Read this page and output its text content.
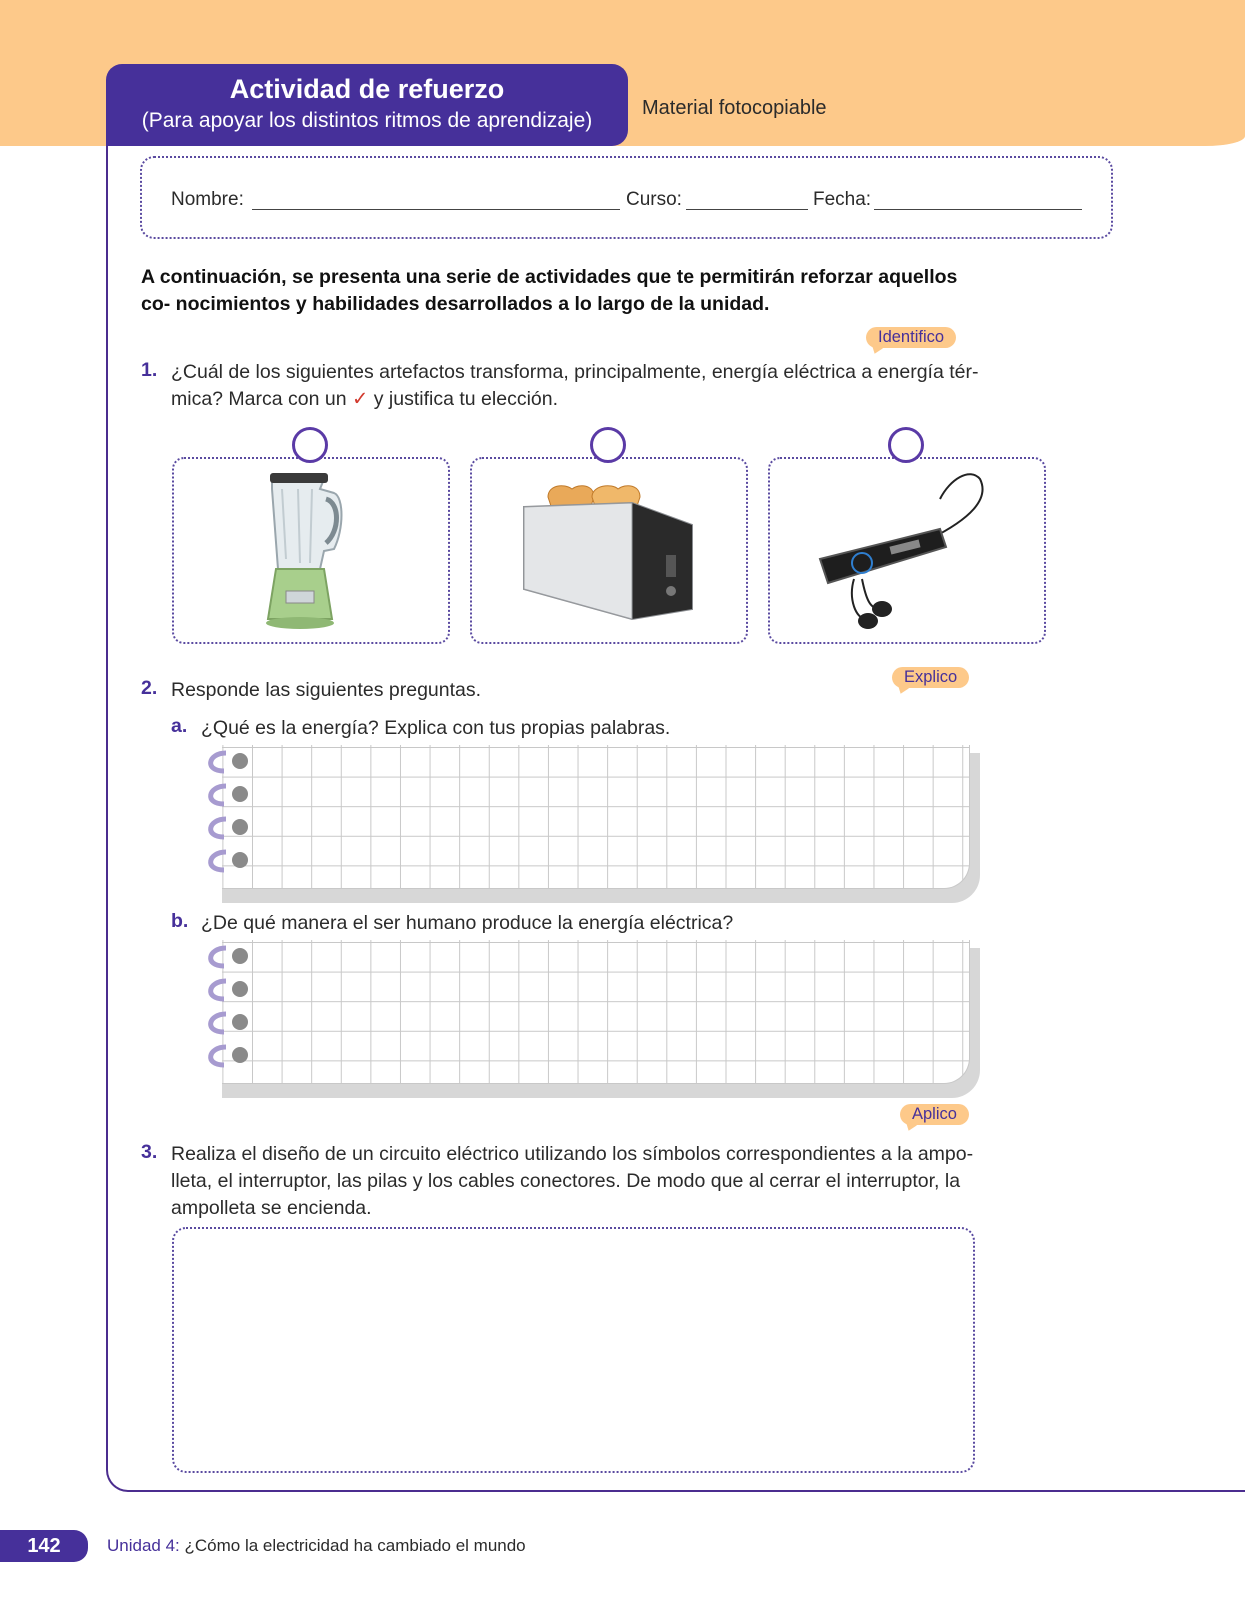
Actividad de refuerzo
(Para apoyar los distintos ritmos de aprendizaje)
Material fotocopiable
Nombre:	Curso:	Fecha:
A continuación, se presenta una serie de actividades que te permitirán reforzar aquellos co- nocimientos y habilidades desarrollados a lo largo de la unidad.
Identifico
1. ¿Cuál de los siguientes artefactos transforma, principalmente, energía eléctrica a energía tér-
mica? Marca con un ✓ y justifica tu elección.
Explico
2. Responde las siguientes preguntas.
a. ¿Qué es la energía? Explica con tus propias palabras.
b. ¿De qué manera el ser humano produce la energía eléctrica?
Aplico
3. Realiza el diseño de un circuito eléctrico utilizando los símbolos correspondientes a la ampo-
lleta, el interruptor, las pilas y los cables conectores. De modo que al cerrar el interruptor, la
ampolleta se encienda.
142	Unidad 4: ¿Cómo la electricidad ha cambiado el mundo
